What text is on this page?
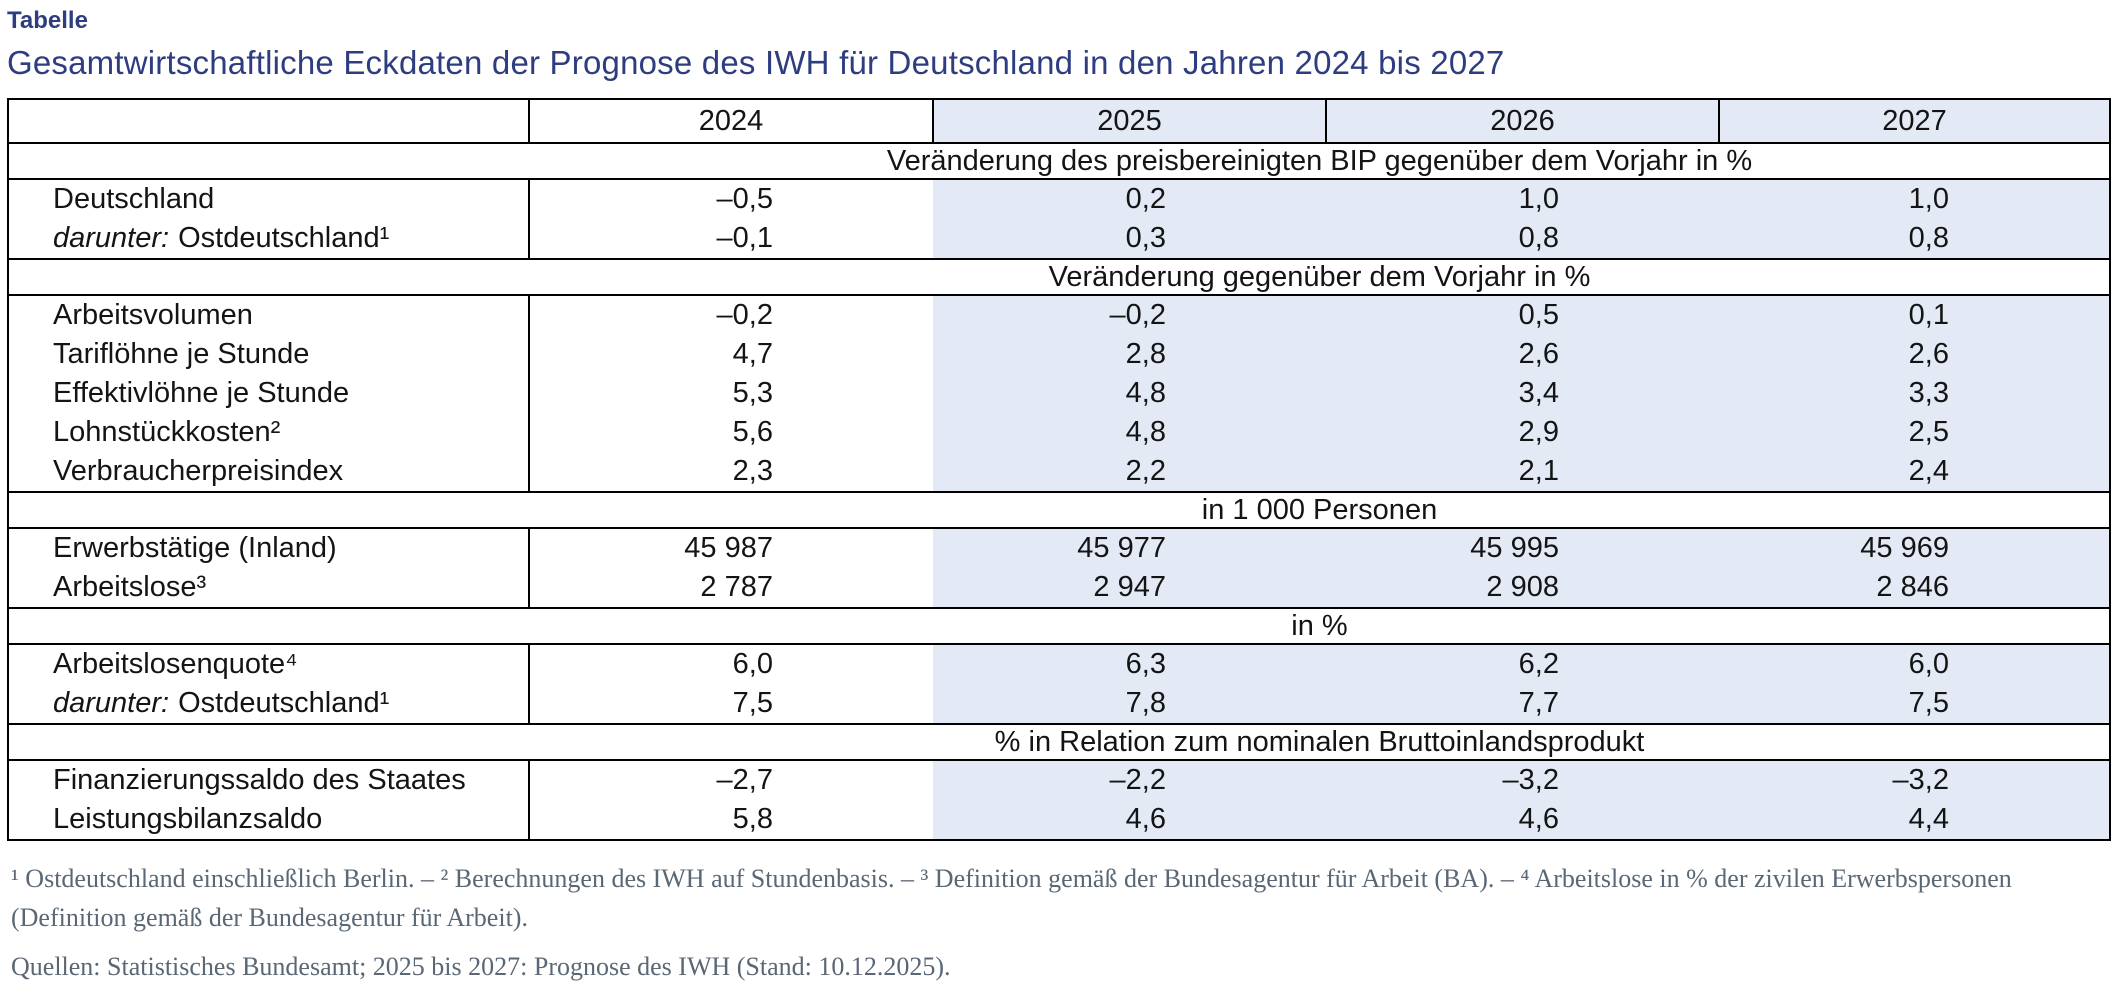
Tabelle
Gesamtwirtschaftliche Eckdaten der Prognose des IWH für Deutschland in den Jahren 2024 bis 2027
	2024	2025	2026	2027

Veränderung des preisbereinigten BIP gegenüber dem Vorjahr in %				

Deutschland	–0,5	0,2	1,0	1,0
darunter: Ostdeutschland¹	–0,1	0,3	0,8	0,8

Veränderung gegenüber dem Vorjahr in %				

Arbeitsvolumen	–0,2	–0,2	0,5	0,1
Tariflöhne je Stunde	4,7	2,8	2,6	2,6
Effektivlöhne je Stunde	5,3	4,8	3,4	3,3
Lohnstückkosten²	5,6	4,8	2,9	2,5
Verbraucherpreisindex	2,3	2,2	2,1	2,4

in 1 000 Personen				

Erwerbstätige (Inland)	45 987	45 977	45 995	45 969
Arbeitslose³	2 787	2 947	2 908	2 846

in %				

Arbeitslosenquote⁴	6,0	6,3	6,2	6,0
darunter: Ostdeutschland¹	7,5	7,8	7,7	7,5

% in Relation zum nominalen Bruttoinlandsprodukt				

Finanzierungssaldo des Staates	–2,7	–2,2	–3,2	–3,2
Leistungsbilanzsaldo	5,8	4,6	4,6	4,4
¹ Ostdeutschland einschließlich Berlin. – ² Berechnungen des IWH auf Stundenbasis. – ³ Definition gemäß der Bundesagentur für Arbeit (BA). – ⁴ Arbeitslose in % der zivilen Erwerbspersonen (Definition gemäß der Bundesagentur für Arbeit).
Quellen: Statistisches Bundesamt; 2025 bis 2027: Prognose des IWH (Stand: 10.12.2025).
